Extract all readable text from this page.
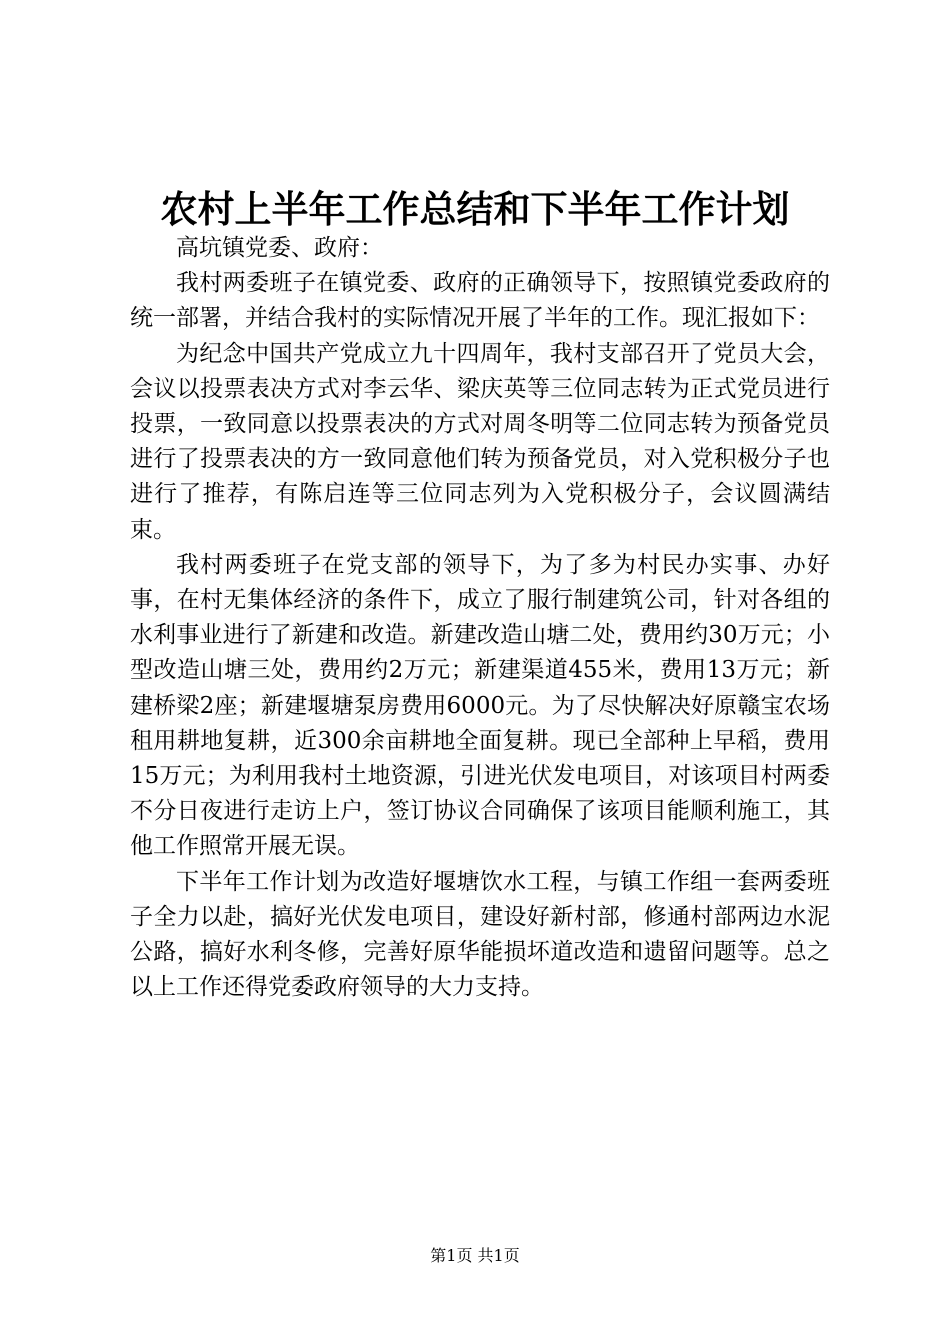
农村上半年工作总结和下半年工作计划

高坑镇党委、政府：

我村两委班子在镇党委、政府的正确领导下，按照镇党委政府的统一部署，并结合我村的实际情况开展了半年的工作。现汇报如下：

为纪念中国共产党成立九十四周年，我村支部召开了党员大会，会议以投票表决方式对李云华、梁庆英等三位同志转为正式党员进行投票，一致同意以投票表决的方式对周冬明等二位同志转为预备党员进行了投票表决的方一致同意他们转为预备党员，对入党积极分子也进行了推荐，有陈启连等三位同志列为入党积极分子，会议圆满结束。

我村两委班子在党支部的领导下，为了多为村民办实事、办好事，在村无集体经济的条件下，成立了服行制建筑公司，针对各组的水利事业进行了新建和改造。新建改造山塘二处，费用约30万元；小型改造山塘三处，费用约2万元；新建渠道455米，费用13万元；新建桥梁2座；新建堰塘泵房费用6000元。为了尽快解决好原赣宝农场租用耕地复耕，近300余亩耕地全面复耕。现已全部种上早稻，费用15万元；为利用我村土地资源，引进光伏发电项目，对该项目村两委不分日夜进行走访上户，签订协议合同确保了该项目能顺利施工，其他工作照常开展无误。

下半年工作计划为改造好堰塘饮水工程，与镇工作组一套两委班子全力以赴，搞好光伏发电项目，建设好新村部，修通村部两边水泥公路，搞好水利冬修，完善好原华能损坏道改造和遗留问题等。总之以上工作还得党委政府领导的大力支持。

第1页 共1页
